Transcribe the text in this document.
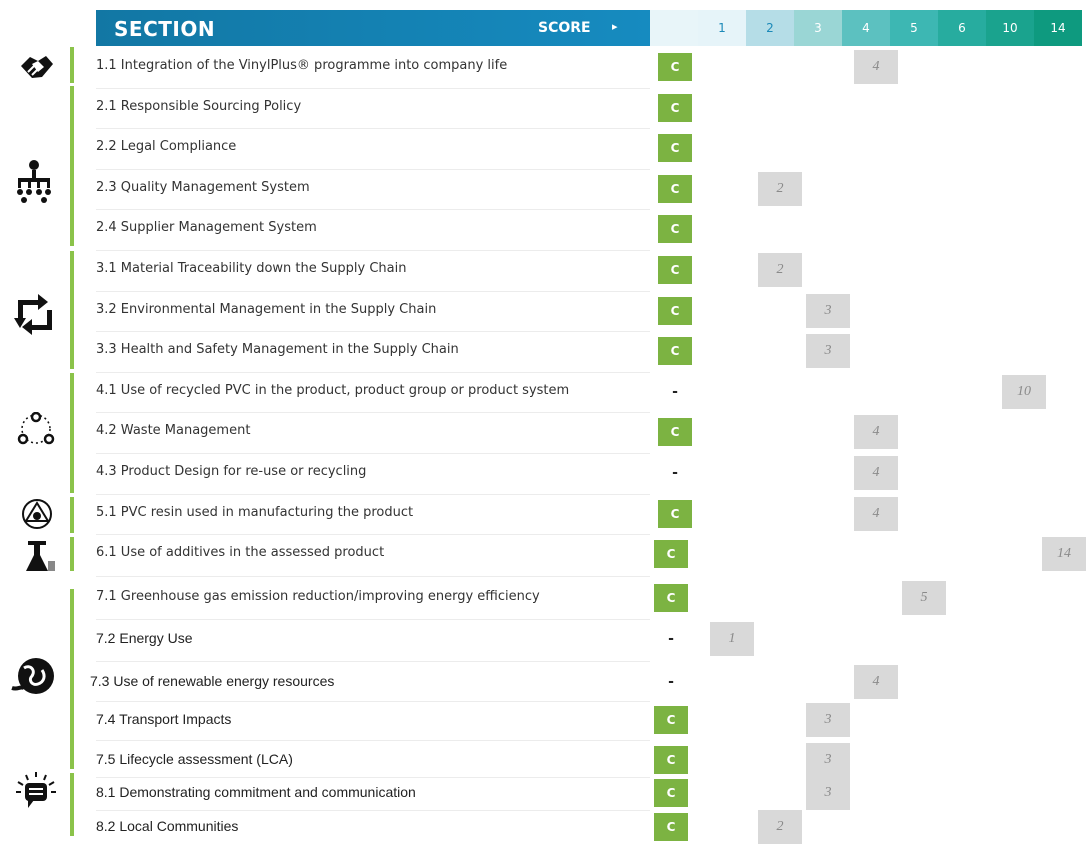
SECTION	SCORE ▸	1	2	3	4	5	6	10	14
1.1 Integration of the VinylPlus® programme into company life	C	4
2.1 Responsible Sourcing Policy	C
2.2 Legal Compliance	C
2.3 Quality Management System	C	2
2.4 Supplier Management System	C
3.1 Material Traceability down the Supply Chain	C	2
3.2 Environmental Management in the Supply Chain	C	3
3.3 Health and Safety Management in the Supply Chain	C	3
4.1 Use of recycled PVC in the product, product group or product system	-	10
4.2 Waste Management	C	4
4.3 Product Design for re-use or recycling	-	4
5.1 PVC resin used in manufacturing the product	C	4
6.1 Use of additives in the assessed product	C	14
7.1 Greenhouse gas emission reduction/improving energy efficiency	C	5
7.2 Energy Use	-	1
7.3 Use of renewable energy resources	-	4
7.4 Transport Impacts	C	3
7.5 Lifecycle assessment (LCA)	C	3
8.1 Demonstrating commitment and communication	C	3
8.2 Local Communities	C	2
